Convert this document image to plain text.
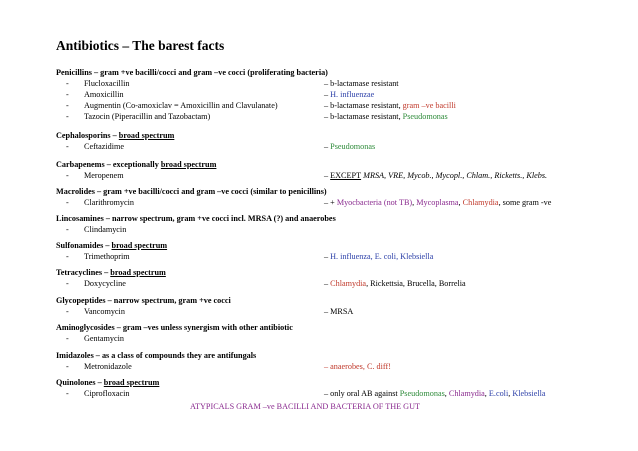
Antibiotics – The barest facts
Penicillins – gram +ve bacilli/cocci and gram –ve cocci (proliferating bacteria)
- Flucloxacillin	– b-lactamase resistant
- Amoxicillin	– H. influenzae
- Augmentin (Co-amoxiclav = Amoxicillin and Clavulanate)	– b-lactamase resistant, gram –ve bacilli
- Tazocin (Piperacillin and Tazobactam)	– b-lactamase resistant, Pseudomonas
Cephalosporins – broad spectrum
- Ceftazidime	– Pseudomonas
Carbapenems – exceptionally broad spectrum
- Meropenem	– EXCEPT MRSA, VRE, Mycob., Mycopl., Chlam., Ricketts., Klebs.
Macrolides – gram +ve bacilli/cocci and gram –ve cocci (similar to penicillins)
- Clarithromycin	– + Myocbacteria (not TB), Mycoplasma, Chlamydia, some gram -ve
Lincosamines – narrow spectrum, gram +ve cocci incl. MRSA (?) and anaerobes
- Clindamycin
Sulfonamides – broad spectrum
- Trimethoprim	– H. influenza, E. coli, Klebsiella
Tetracyclines – broad spectrum
- Doxycycline	– Chlamydia, Rickettsia, Brucella, Borrelia
Glycopeptides – narrow spectrum, gram +ve cocci
- Vancomycin	– MRSA
Aminoglycosides – gram –ves unless synergism with other antibiotic
- Gentamycin
Imidazoles – as a class of compounds they are antifungals
- Metronidazole	– anaerobes, C. diff!
Quinolones – broad spectrum
- Ciprofloxacin	– only oral AB against Pseudomonas, Chlamydia, E.coli, Klebsiella
ATYPICALS GRAM –ve BACILLI AND BACTERIA OF THE GUT
